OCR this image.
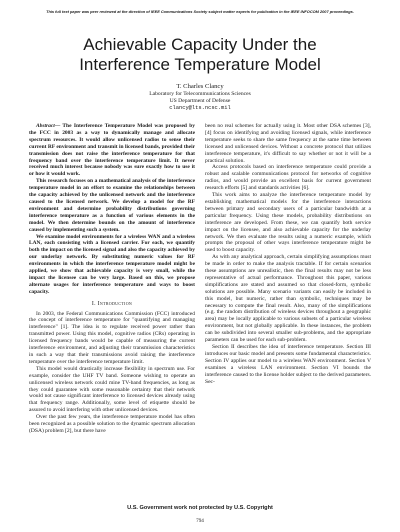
This full text paper was peer reviewed at the direction of IEEE Communications Society subject matter experts for publication in the IEEE INFOCOM 2007 proceedings.
Achievable Capacity Under the
Interference Temperature Model
T. Charles Clancy
Laboratory for Telecommunications Sciences
US Department of Defense
clancy@lts.ncsc.mil

Abstract— The Interference Temperature Model was proposed by the FCC in 2003 as a way to dynamically manage and allocate spectrum resources. It would allow unlicensed radios to sense their current RF environment and transmit in licensed bands, provided their transmission does not raise the interference temperature for that frequency band over the interference temperature limit. It never received much interest because nobody was sure exactly how to use it or how it would work.

This research focuses on a mathematical analysis of the interference temperature model in an effort to examine the relationships between the capacity achieved by the unlicensed network and the interference caused to the licensed network. We develop a model for the RF environment and determine probability distributions governing interference temperature as a function of various elements in the model. We then determine bounds on the amount of interference caused by implementing such a system.

We examine model environments for a wireless WAN and a wireless LAN, each consisting with a licensed carrier. For each, we quantify both the impact on the licensed signal and also the capacity achieved by our underlay network. By substituting numeric values for RF environments in which the interference temperature model might be applied, we show that achievable capacity is very small, while the impact the licensee can be very large. Based on this, we propose alternate usages for interference temperature and ways to boost capacity.

I. Introduction

In 2003, the Federal Communications Commission (FCC) introduced the concept of interference temperature for "quantifying and managing interference" [1]. The idea is to regulate received power rather than transmitted power. Using this model, cognitive radios (CRs) operating in licensed frequency bands would be capable of measuring the current interference environment, and adjusting their transmission characteristics in such a way that their transmissions avoid raising the interference temperature over the interference temperature limit.

This model would drastically increase flexibility in spectrum use. For example, consider the UHF TV band. Someone wishing to operate an unlicensed wireless network could mine TV-band frequencies, as long as they could guarantee with some reasonable certainty that their network would not cause significant interference to licensed devices already using that frequency range. Additionally, some level of etiquette should be assured to avoid interfering with other unlicensed devices.

Over the past few years, the interference temperature model has often been recognized as a possible solution to the dynamic spectrum allocation (DSA) problem [2], but there have

been no real schemes for actually using it. Most other DSA schemes [3], [4] focus on identifying and avoiding licensed signals, while interference temperature seeks to share the same frequency at the same time between licensed and unlicensed devices. Without a concrete protocol that utilizes interference temperature, it's difficult to say whether or not it will be a practical solution.

Access protocols based on interference temperature could provide a robust and scalable communications protocol for networks of cognitive radios, and would provide an excellent basis for current government research efforts [5] and standards activities [6].

This work aims to analyze the interference temperature model by establishing mathematical models for the interference interactions between primary and secondary users of a particular bandwidth at a particular frequency. Using these models, probability distributions on interference are developed. From these, we can quantify both service impact on the licensee, and also achievable capacity for the underlay network. We then evaluate the results using a numeric example, which prompts the proposal of other ways interference temperature might be used to boost capacity.

As with any analytical approach, certain simplifying assumptions must be made in order to make the analysis tractable. If for certain scenarios these assumptions are unrealistic, then the final results may not be less representative of actual performance. Throughout this paper, various simplifications are stated and assumed so that closed-form, symbolic solutions are possible. Many scenario variants can easily be included in this model, but numeric, rather than symbolic, techniques may be necessary to compute the final result. Also, many of the simplifications (e.g. the random distribution of wireless devices throughout a geographic area) may be locally applicable to various subsets of a particular wireless environment, but not globally applicable. In these instances, the problem can be subdivided into several smaller sub-problems, and the appropriate parameters can be used for each sub-problem.

Section II describes the idea of interference temperature. Section III introduces our basic model and presents some fundamental characteristics. Section IV applies our model to a wireless WAN environment. Section V examines a wireless LAN environment. Section VI bounds the interference caused to the license holder subject to the derived parameters. Sec-

U.S. Government work not protected by U.S. Copyright
794
